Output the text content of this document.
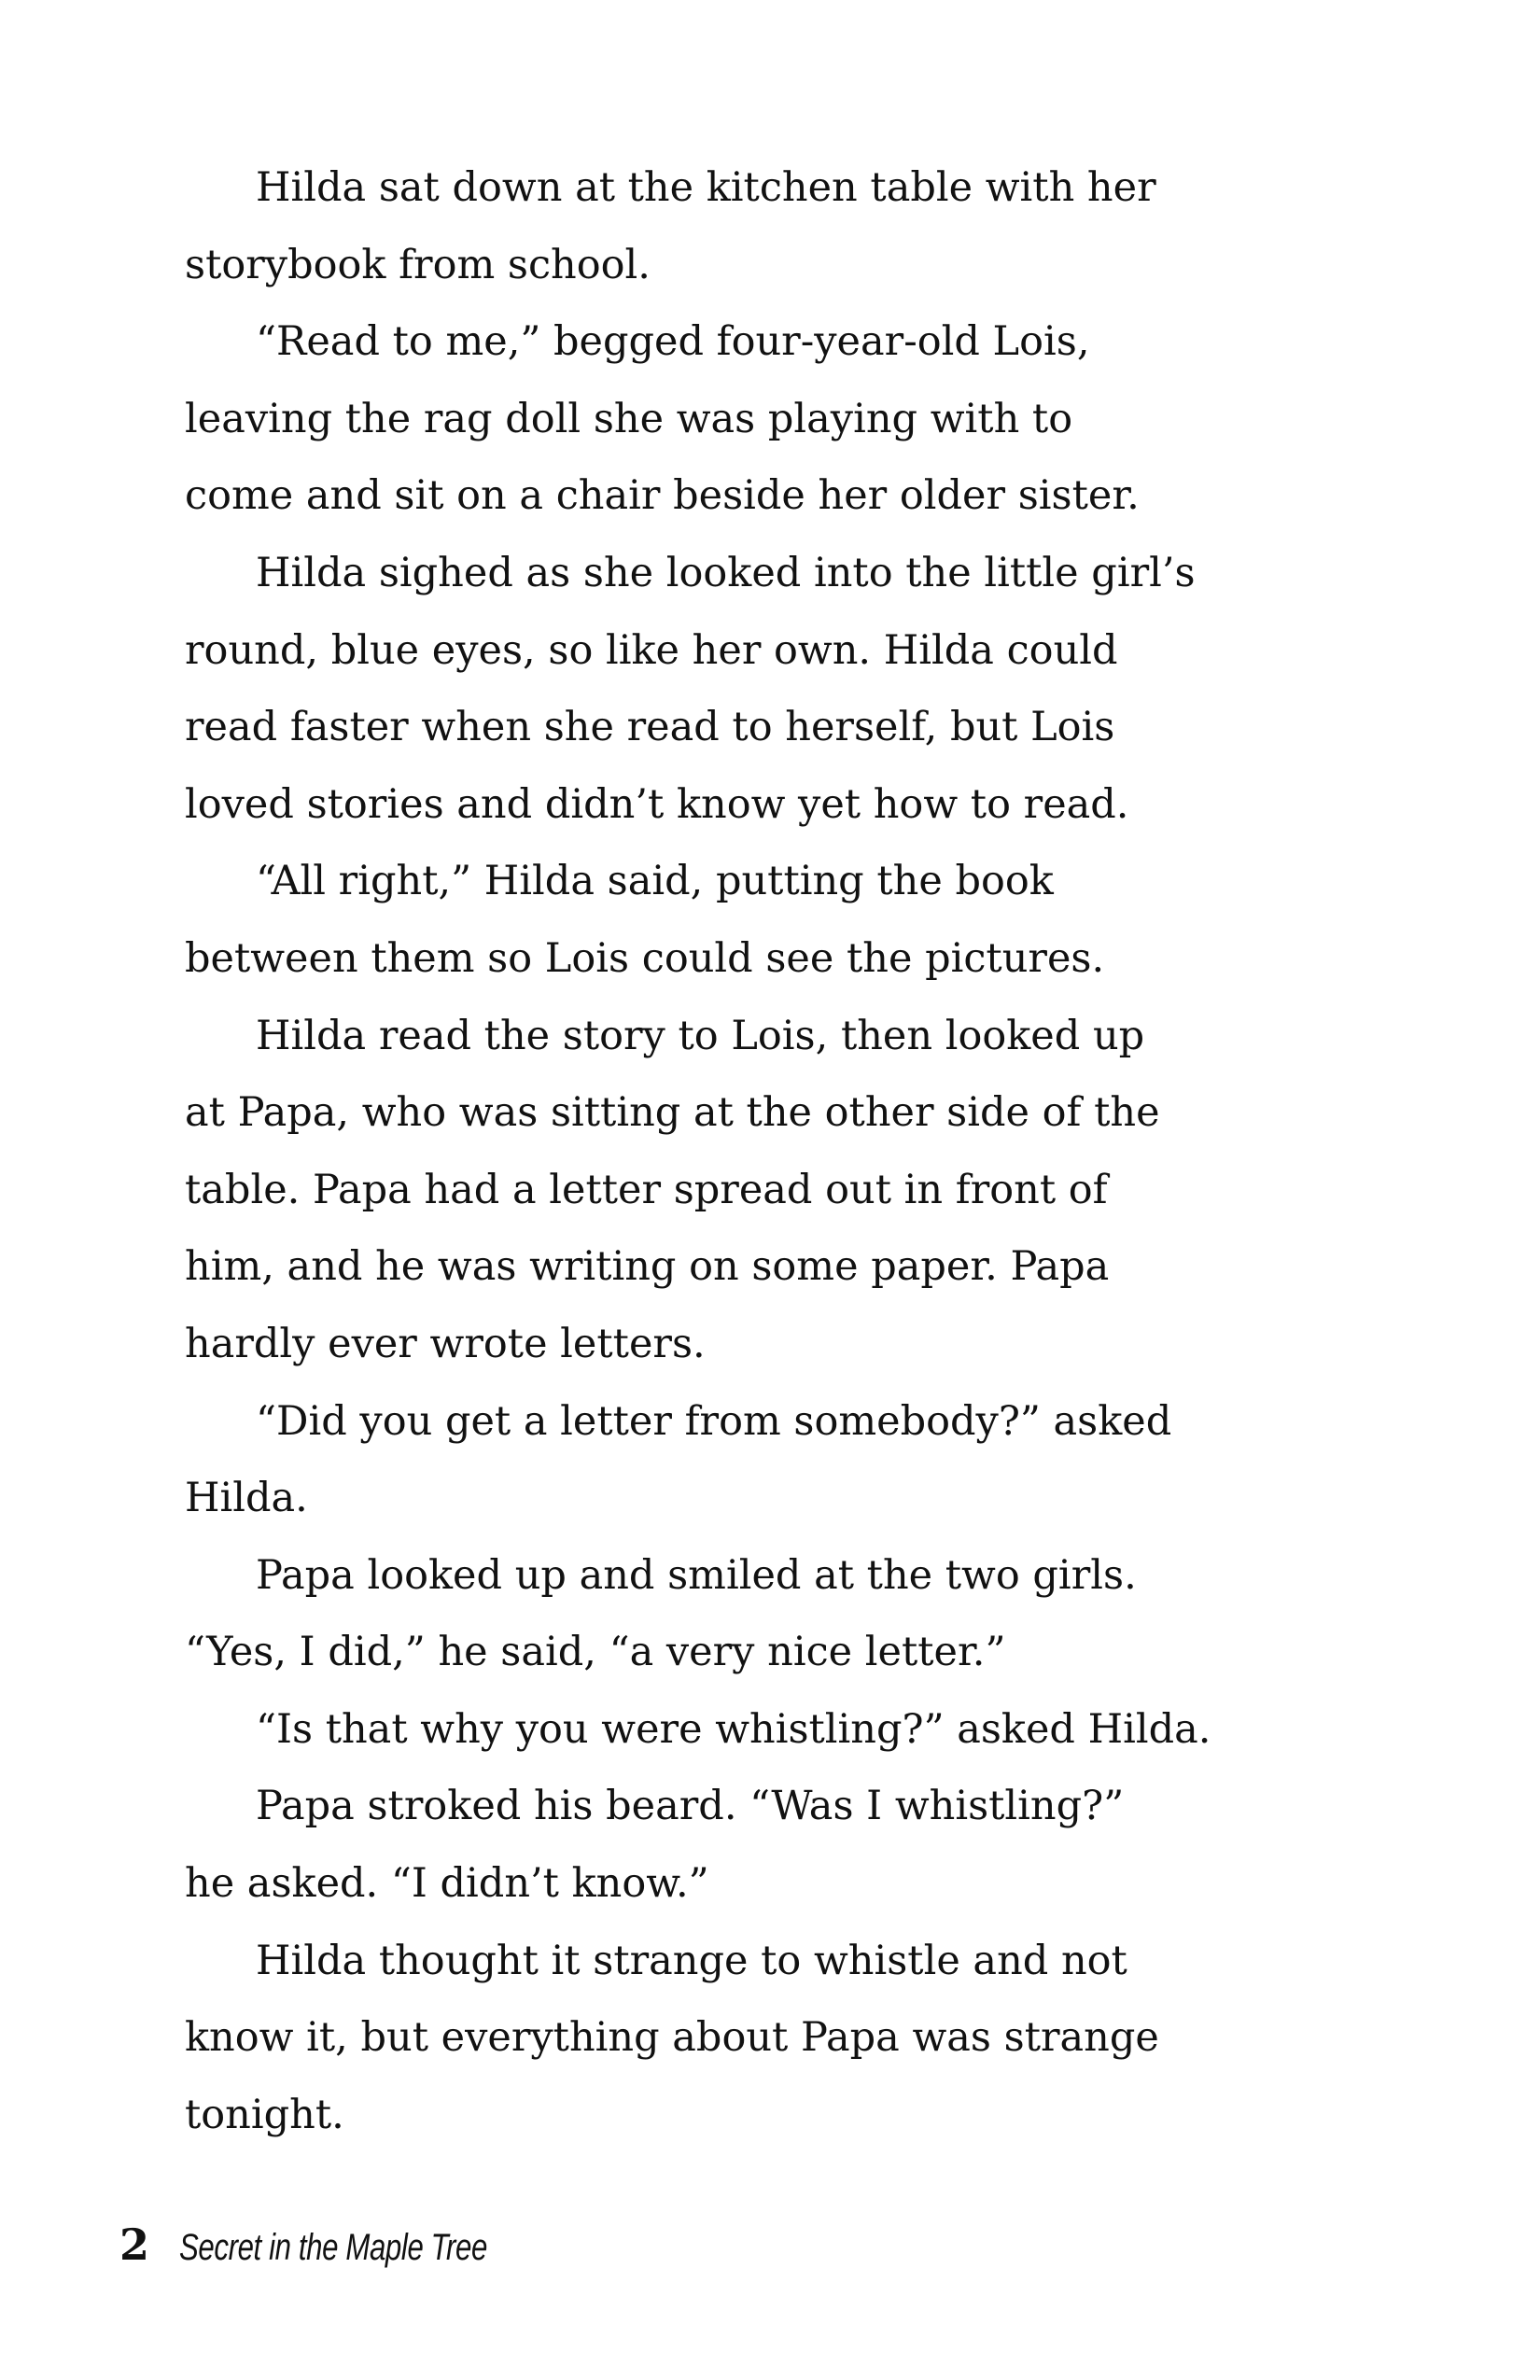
Hilda sat down at the kitchen table with her
storybook from school.
“Read to me,” begged four-year-old Lois,
leaving the rag doll she was playing with to
come and sit on a chair beside her older sister.
Hilda sighed as she looked into the little girl’s
round, blue eyes, so like her own. Hilda could
read faster when she read to herself, but Lois
loved stories and didn’t know yet how to read.
“All right,” Hilda said, putting the book
between them so Lois could see the pictures.
Hilda read the story to Lois, then looked up
at Papa, who was sitting at the other side of the
table. Papa had a letter spread out in front of
him, and he was writing on some paper. Papa
hardly ever wrote letters.
“Did you get a letter from somebody?” asked
Hilda.
Papa looked up and smiled at the two girls.
“Yes, I did,” he said, “a very nice letter.”
“Is that why you were whistling?” asked Hilda.
Papa stroked his beard. “Was I whistling?”
he asked. “I didn’t know.”
Hilda thought it strange to whistle and not
know it, but everything about Papa was strange
tonight.
2 Secret in the Maple Tree
